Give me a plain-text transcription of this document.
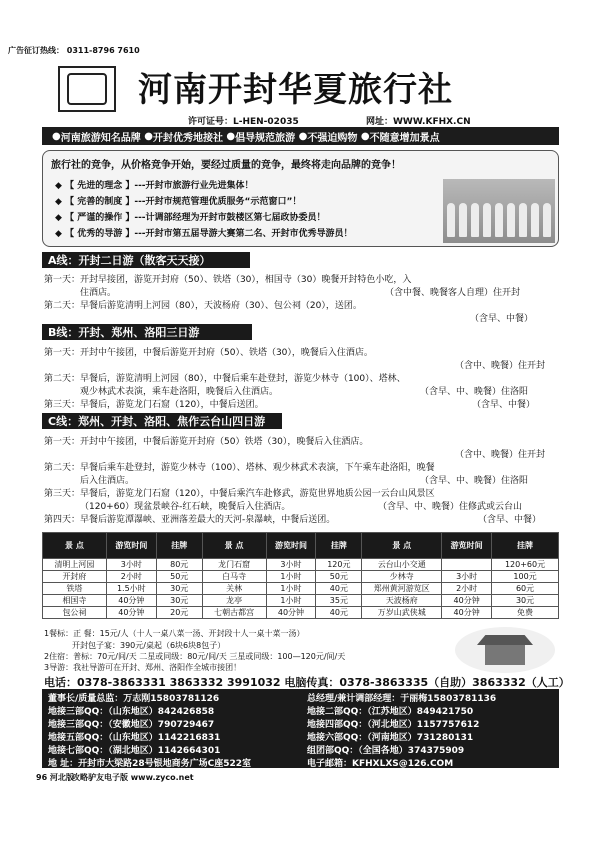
广告征订热线： 0311-8796 7610
河南开封华夏旅行社
许可证号：L-HEN-02035	网址：WWW.KFHX.CN
● 河南旅游知名品牌 ● 开封优秀地接社 ● 倡导规范旅游 ● 不强迫购物 ● 不随意增加景点
旅行社的竞争，从价格竞争开始，要经过质量的竞争，最终将走向品牌的竞争！
◆ 【 先进的理念 】---开封市旅游行业先进集体！
◆ 【 完善的制度 】---开封市规范管理优质服务“示范窗口”！
◆ 【 严谨的操作 】---计调部经理为开封市鼓楼区第七届政协委员！
◆ 【 优秀的导游 】---开封市第五届导游大赛第二名、开封市优秀导游员！
A线：开封二日游（散客天天接）
第一天：开封早接团，游览开封府（50）、铁塔（30），相国寺（30）晚餐开封特色小吃，入
住酒店。	（含中餐、晚餐客人自理）住开封
第二天：早餐后游览清明上河园（80），天波杨府（30）、包公祠（20），送团。
（含早、中餐）
B线：开封、郑州、洛阳三日游
第一天：开封中午接团，中餐后游览开封府（50）、铁塔（30），晚餐后入住酒店。
（含中、晚餐）住开封
第二天：早餐后，游览清明上河园（80），中餐后乘车赴登封，游览少林寺（100）、塔林、
观少林武术表演，乘车赴洛阳，晚餐后入住酒店。	（含早、中、晚餐）住洛阳
第三天：早餐后，游览龙门石窟（120），中餐后送团。	（含早、中餐）
C线：郑州、开封、洛阳、焦作云台山四日游
第一天：开封中午接团，中餐后游览开封府（50）铁塔（30），晚餐后入住酒店。
（含中、晚餐）住开封
第二天：早餐后乘车赴登封，游览少林寺（100）、塔林、观少林武术表演，下午乘车赴洛阳，晚餐
后入住酒店。	（含早、中、晚餐）住洛阳
第三天：早餐后，游览龙门石窟（120），中餐后乘汽车赴修武，游览世界地质公园一云台山风景区
（120+60）现盆景峡谷-红石峡，晚餐后入住酒店。	（含早、中、晚餐）住修武或云台山
第四天：早餐后游览潭瀑峡、亚洲落差最大的天河-泉瀑峡，中餐后送团。	（含早、中餐）
景 点	游览时间	挂牌	景 点	游览时间	挂牌	景 点	游览时间	挂牌
清明上河园	3小时	80元	龙门石窟	3小时	120元	云台山小交通		120+60元
开封府	2小时	50元	白马寺	1小时	50元	少林寺	3小时	100元
铁塔	1.5小时	30元	关林	1小时	40元	郑州黄河游览区	2小时	60元
相国寺	40分钟	30元	龙亭	1小时	35元	天波杨府	40分钟	30元
包公祠	40分钟	20元	七朝古都宫	40分钟	40元	万岁山武侠城	40分钟	免费
1餐标：正 餐：15元/人（十人一桌八菜一汤、开封段十人一桌十菜一汤）
开封包子宴：390元/桌起（6块6块8包子）
2住宿：普标：70元/间/天 二星或同级：80元/间/天 三星或同级：100—120元/间/天
3导游：我社导游可在开封、郑州、洛阳作全城市接团！
电话：0378-3863331 3863332 3991032 电脑传真：0378-3863335（自助）3863332（人工）
董事长/质量总监：万志刚15803781126
地接三部QQ：（山东地区）842426858
地接三部QQ：（安徽地区）790729467
地接五部QQ：（山东地区）1142216831
地接七部QQ：（湖北地区）1142664301
地 址：开封市大梁路28号银地商务广场C座522室
总经理/兼计调部经理：于丽梅15803781136
地接二部QQ：（江苏地区）849421750
地接四部QQ：（河北地区）1157757612
地接六部QQ：（河南地区）731280131
组团部QQ：（全国各地）374375909
电子邮箱：KFHXLXS@126.COM
96 河北版
攻略驴友电子版 www.zyco.net
